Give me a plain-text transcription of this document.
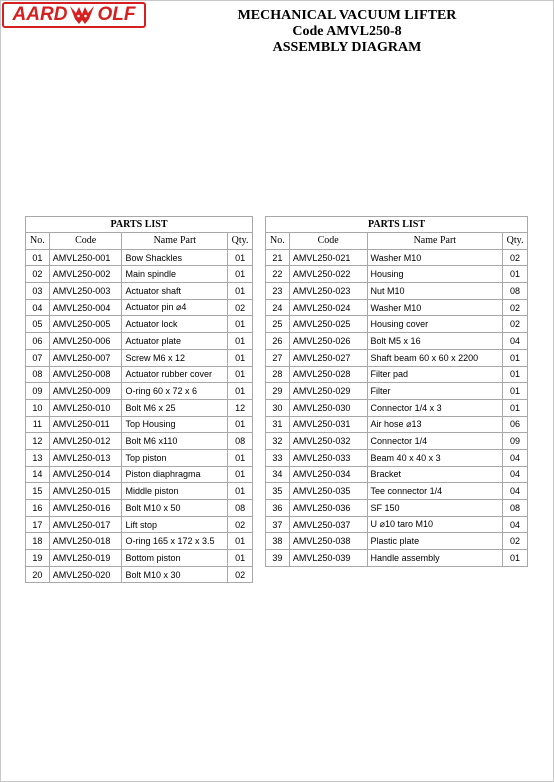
AARD OLF	MECHANICAL VACUUM LIFTER
Code AMVL250-8
ASSEMBLY DIAGRAM
PARTS LIST			
No.	Code	Name Part	Qty.
01	AMVL250-001	Bow Shackles	01
02	AMVL250-002	Main spindle	01
03	AMVL250-003	Actuator shaft	01
04	AMVL250-004	Actuator pin ⌀4	02
05	AMVL250-005	Actuator lock	01
06	AMVL250-006	Actuator plate	01
07	AMVL250-007	Screw M6 x 12	01
08	AMVL250-008	Actuator rubber cover	01
09	AMVL250-009	O-ring 60 x 72 x 6	01
10	AMVL250-010	Bolt M6 x 25	12
11	AMVL250-011	Top Housing	01
12	AMVL250-012	Bolt M6 x110	08
13	AMVL250-013	Top piston	01
14	AMVL250-014	Piston diaphragma	01
15	AMVL250-015	Middle piston	01
16	AMVL250-016	Bolt M10 x 50	08
17	AMVL250-017	Lift stop	02
18	AMVL250-018	O-ring 165 x 172 x 3.5	01
19	AMVL250-019	Bottom piston	01
20	AMVL250-020	Bolt M10 x 30	02
PARTS LIST			
No.	Code	Name Part	Qty.
21	AMVL250-021	Washer M10	02
22	AMVL250-022	Housing	01
23	AMVL250-023	Nut M10	08
24	AMVL250-024	Washer M10	02
25	AMVL250-025	Housing cover	02
26	AMVL250-026	Bolt M5 x 16	04
27	AMVL250-027	Shaft beam 60 x 60 x 2200	01
28	AMVL250-028	Filter pad	01
29	AMVL250-029	Filter	01
30	AMVL250-030	Connector 1/4 x 3	01
31	AMVL250-031	Air hose ⌀13	06
32	AMVL250-032	Connector 1/4	09
33	AMVL250-033	Beam 40 x 40 x 3	04
34	AMVL250-034	Bracket	04
35	AMVL250-035	Tee connector 1/4	04
36	AMVL250-036	SF 150	08
37	AMVL250-037	U ⌀10 taro M10	04
38	AMVL250-038	Plastic plate	02
39	AMVL250-039	Handle assembly	01
